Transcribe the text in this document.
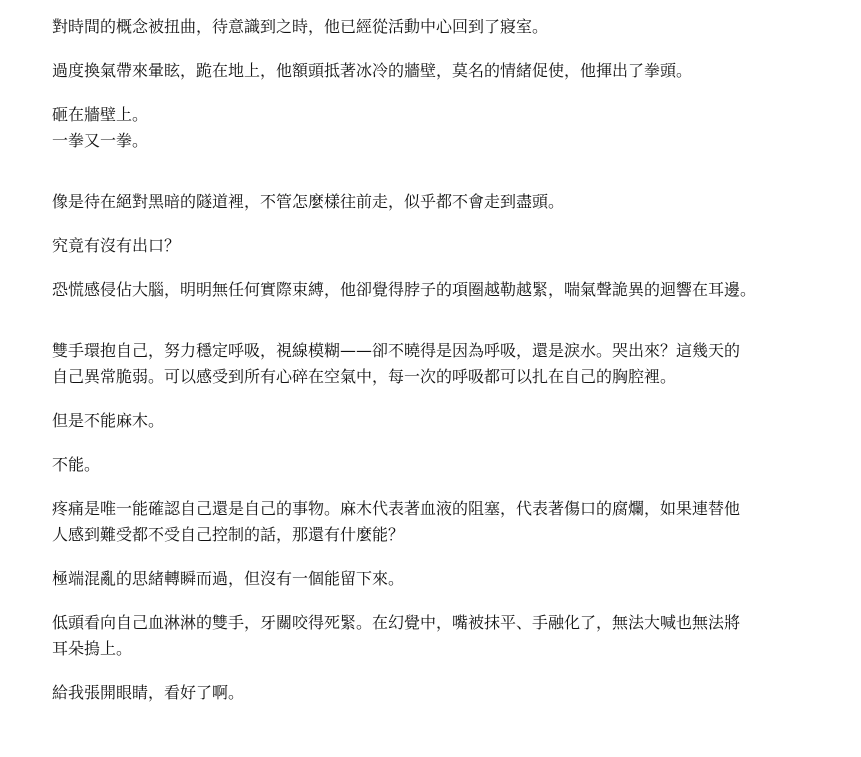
對時間的概念被扭曲，待意識到之時，他已經從活動中心回到了寢室。

過度換氣帶來暈眩，跪在地上，他額頭抵著冰冷的牆壁，莫名的情緒促使，他揮出了拳頭。

砸在牆壁上。
一拳又一拳。

像是待在絕對黑暗的隧道裡，不管怎麼樣往前走，似乎都不會走到盡頭。

究竟有沒有出口？

恐慌感侵佔大腦，明明無任何實際束縛，他卻覺得脖子的項圈越勒越緊，喘氣聲詭異的迴響在耳邊。

雙手環抱自己，努力穩定呼吸，視線模糊——卻不曉得是因為呼吸，還是淚水。哭出來？這幾天的
自己異常脆弱。可以感受到所有心碎在空氣中，每一次的呼吸都可以扎在自己的胸腔裡。

但是不能麻木。

不能。

疼痛是唯一能確認自己還是自己的事物。麻木代表著血液的阻塞，代表著傷口的腐爛，如果連替他
人感到難受都不受自己控制的話，那還有什麼能？

極端混亂的思緒轉瞬而過，但沒有一個能留下來。

低頭看向自己血淋淋的雙手，牙關咬得死緊。在幻覺中，嘴被抹平、手融化了，無法大喊也無法將
耳朵摀上。

給我張開眼睛，看好了啊。
